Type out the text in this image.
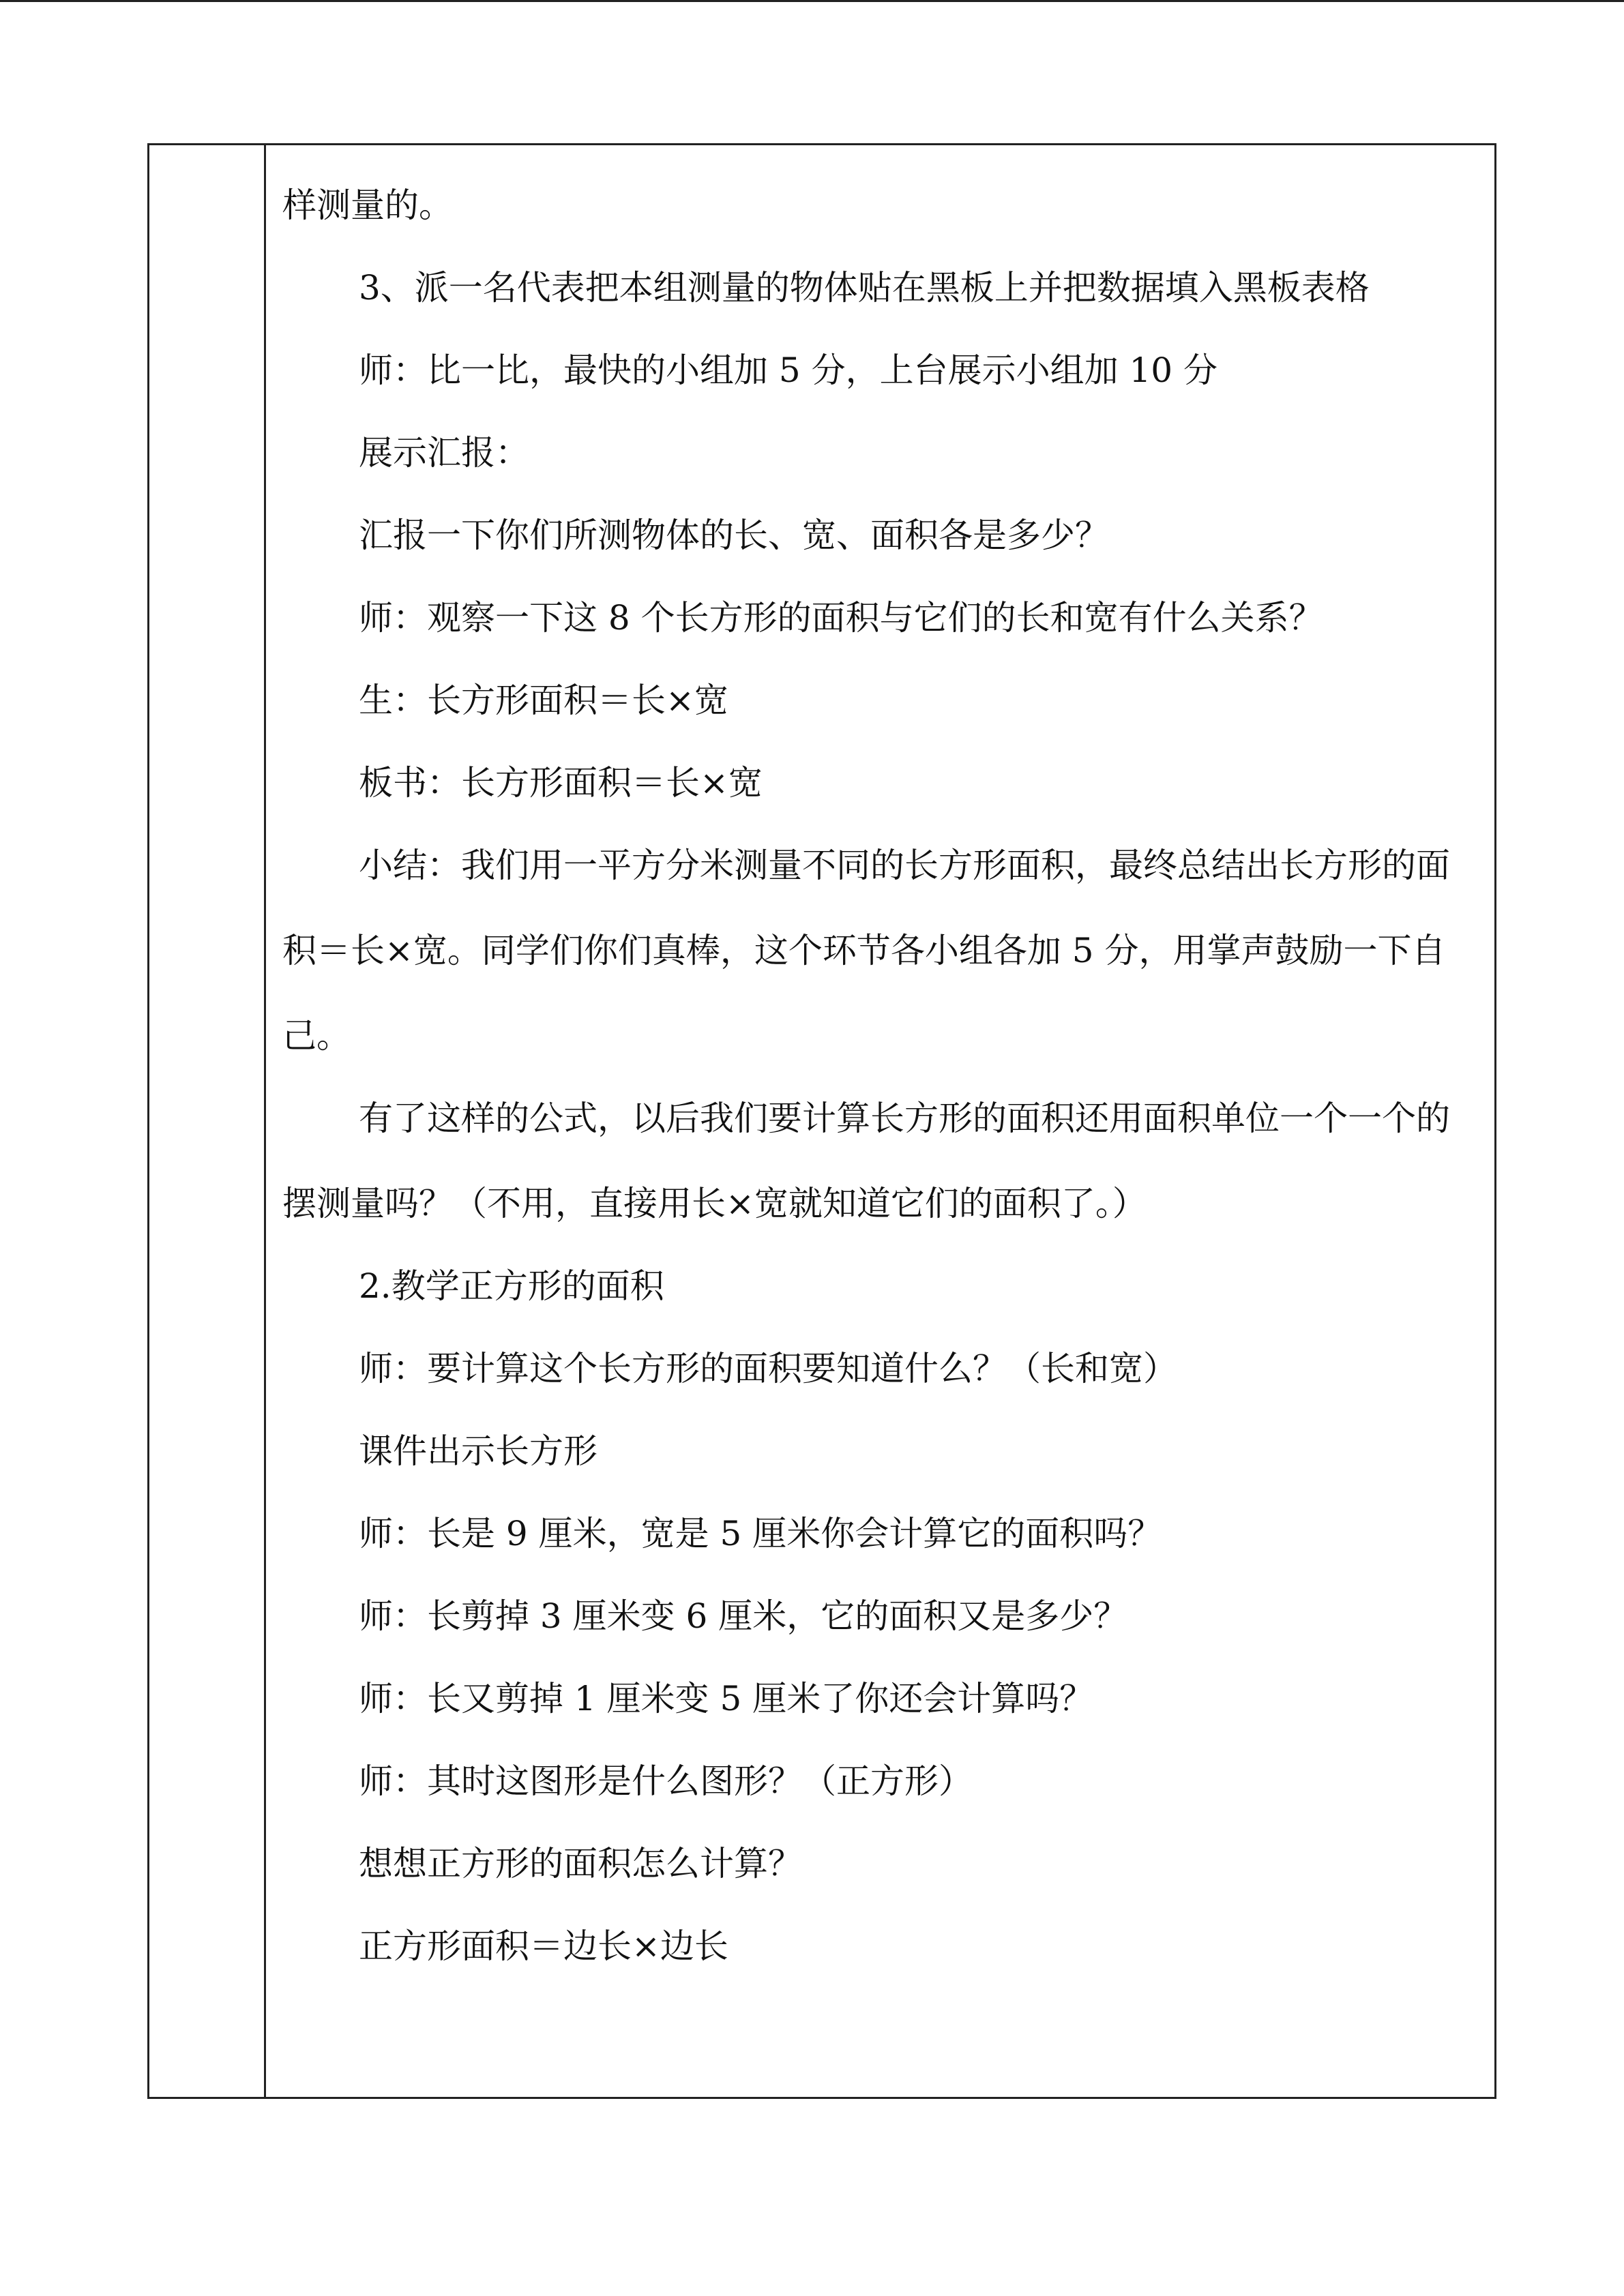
样测量的。

3、派一名代表把本组测量的物体贴在黑板上并把数据填入黑板表格

师：比一比，最快的小组加 5 分，上台展示小组加 10 分

展示汇报：

汇报一下你们所测物体的长、宽、面积各是多少？

师：观察一下这 8 个长方形的面积与它们的长和宽有什么关系？

生：长方形面积＝长×宽

板书：长方形面积＝长×宽

小结：我们用一平方分米测量不同的长方形面积，最终总结出长方形的面积＝长×宽。同学们你们真棒，这个环节各小组各加 5 分，用掌声鼓励一下自己。

有了这样的公式，以后我们要计算长方形的面积还用面积单位一个一个的摆测量吗？（不用，直接用长×宽就知道它们的面积了。）

2.教学正方形的面积

师：要计算这个长方形的面积要知道什么？（长和宽）

课件出示长方形

师：长是 9 厘米，宽是 5 厘米你会计算它的面积吗？

师：长剪掉 3 厘米变 6 厘米，它的面积又是多少？

师：长又剪掉 1 厘米变 5 厘米了你还会计算吗？

师：其时这图形是什么图形？（正方形）

想想正方形的面积怎么计算？

正方形面积＝边长×边长
